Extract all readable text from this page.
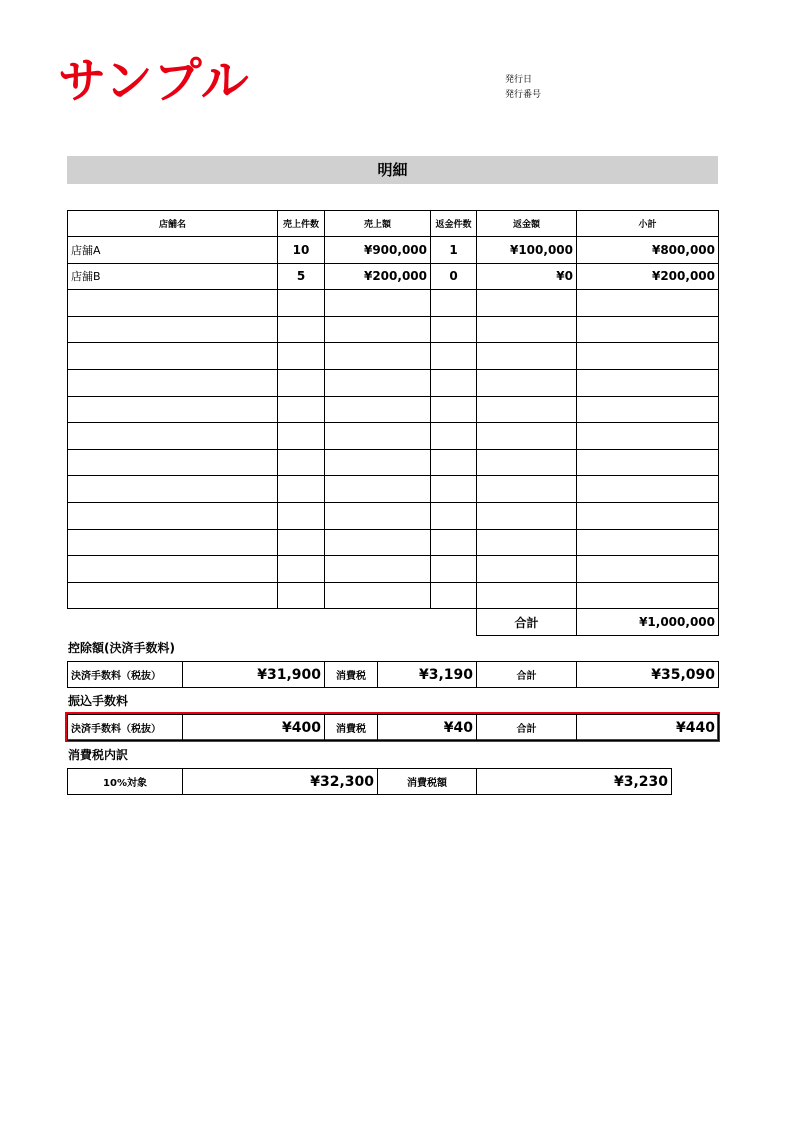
サンプル	発行日
発行番号
明細
店舗名	売上件数	売上額	返金件数	返金額	小計
店舗A	10	¥900,000	1	¥100,000	¥800,000
店舗B	5	¥200,000	0	¥0	¥200,000

				合計	¥1,000,000
控除額(決済手数料)
決済手数料（税抜）	¥31,900	消費税	¥3,190	合計	¥35,090
振込手数料
決済手数料（税抜）	¥400	消費税	¥40	合計	¥440
消費税内訳
10%対象	¥32,300	消費税額	¥3,230
